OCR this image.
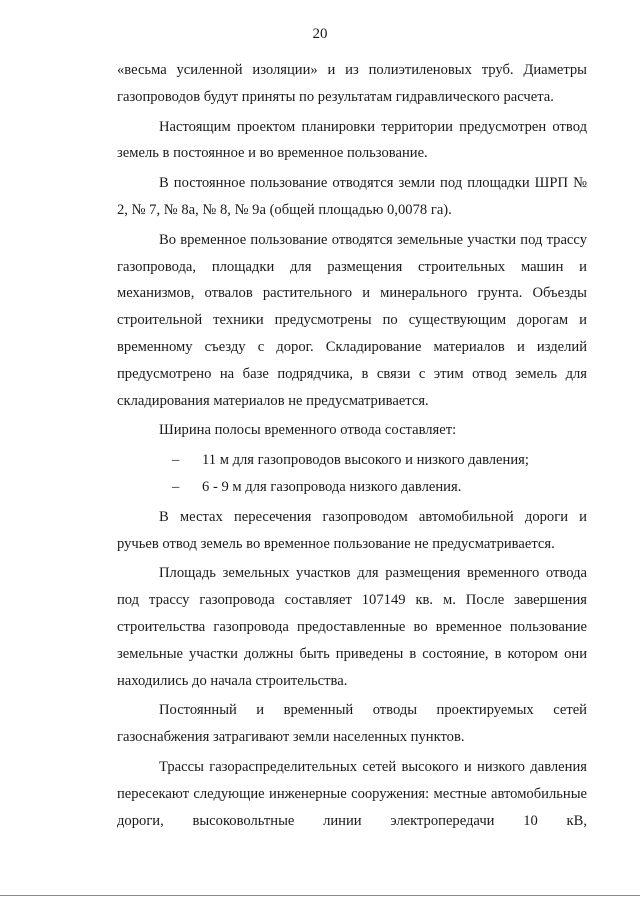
20

«весьма усиленной изоляции» и из полиэтиленовых труб. Диаметры газопроводов будут приняты по результатам гидравлического расчета.

Настоящим проектом планировки территории предусмотрен отвод земель в постоянное и во временное пользование.

В постоянное пользование отводятся земли под площадки ШРП № 2, № 7, № 8а, № 8, № 9а (общей площадью 0,0078 га).

Во временное пользование отводятся земельные участки под трассу газопровода, площадки для размещения строительных машин и механизмов, отвалов растительного и минерального грунта. Объезды строительной техники предусмотрены по существующим дорогам и временному съезду с дорог. Складирование материалов и изделий предусмотрено на базе подрядчика, в связи с этим отвод земель для складирования материалов не предусматривается.

Ширина полосы временного отвода составляет:

–	11 м для газопроводов высокого и низкого давления;
–	6 - 9 м для газопровода низкого давления.

В местах пересечения газопроводом автомобильной дороги и ручьев отвод земель во временное пользование не предусматривается.

Площадь земельных участков для размещения временного отвода под трассу газопровода составляет 107149 кв. м. После завершения строительства газопровода предоставленные во временное пользование земельные участки должны быть приведены в состояние, в котором они находились до начала строительства.

Постоянный и временный отводы проектируемых сетей газоснабжения затрагивают земли населенных пунктов.

Трассы газораспределительных сетей высокого и низкого давления пересекают следующие инженерные сооружения: местные автомобильные дороги, высоковольтные линии электропередачи 10 кВ,
